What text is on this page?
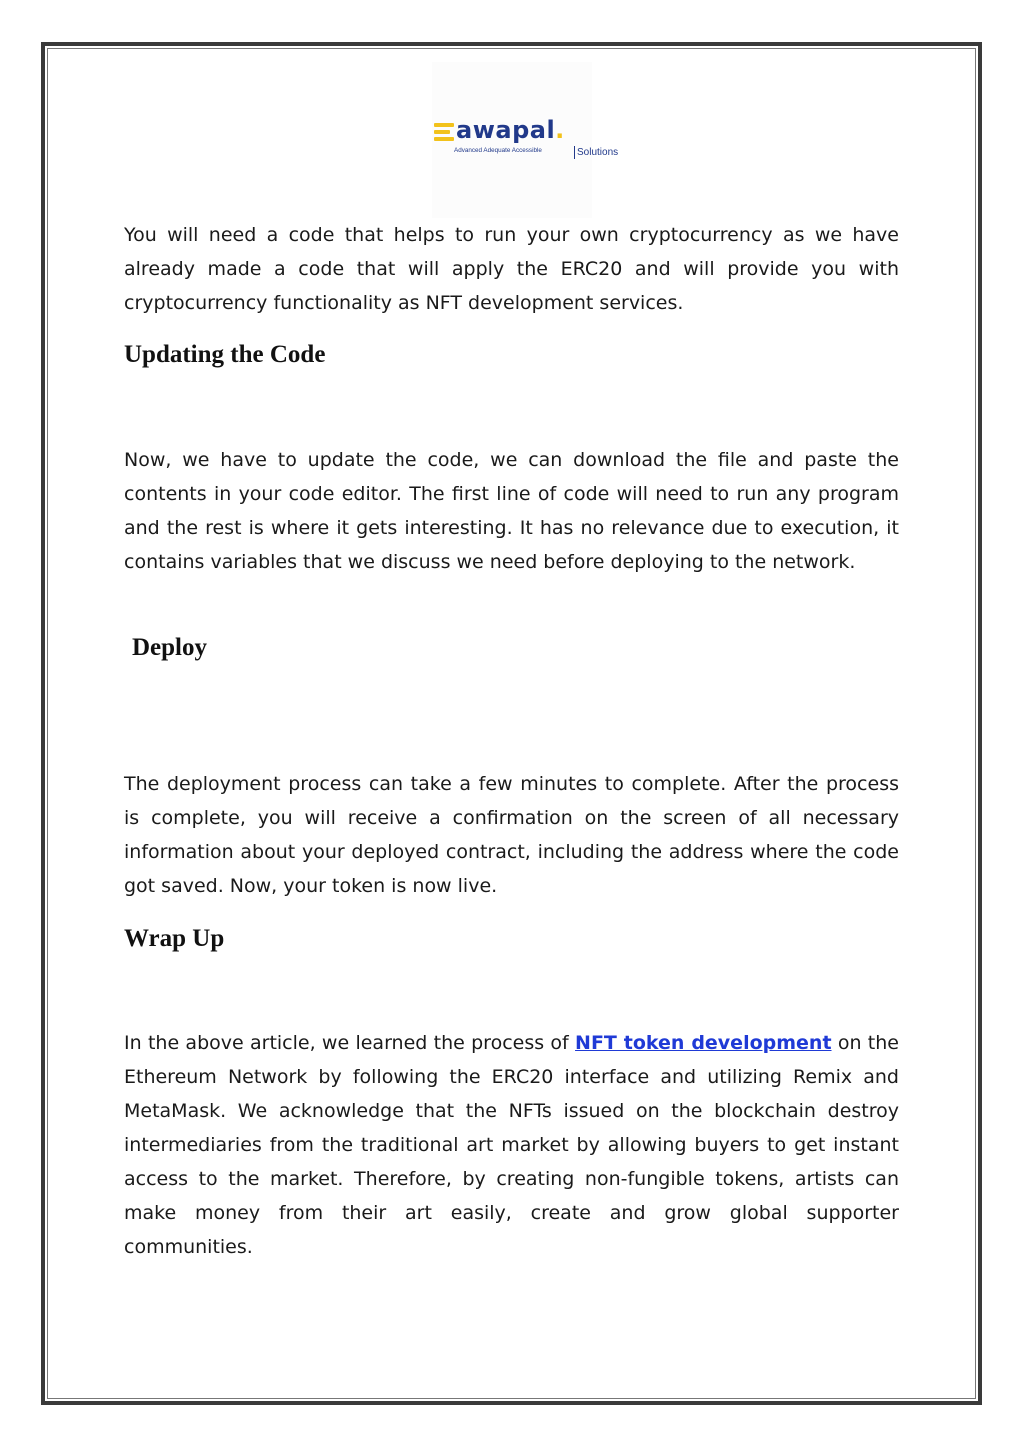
awapal.
Advanced Adequate Accessible	Solutions

You will need a code that helps to run your own cryptocurrency as we have already made a code that will apply the ERC20 and will provide you with cryptocurrency functionality as NFT development services.

Updating the Code

Now, we have to update the code, we can download the file and paste the contents in your code editor. The first line of code will need to run any program and the rest is where it gets interesting. It has no relevance due to execution, it contains variables that we discuss we need before deploying to the network.

Deploy

The deployment process can take a few minutes to complete. After the process is complete, you will receive a confirmation on the screen of all necessary information about your deployed contract, including the address where the code got saved. Now, your token is now live.

Wrap Up

In the above article, we learned the process of NFT token development on the Ethereum Network by following the ERC20 interface and utilizing Remix and MetaMask. We acknowledge that the NFTs issued on the blockchain destroy intermediaries from the traditional art market by allowing buyers to get instant access to the market. Therefore, by creating non-fungible tokens, artists can make money from their art easily, create and grow global supporter communities.
